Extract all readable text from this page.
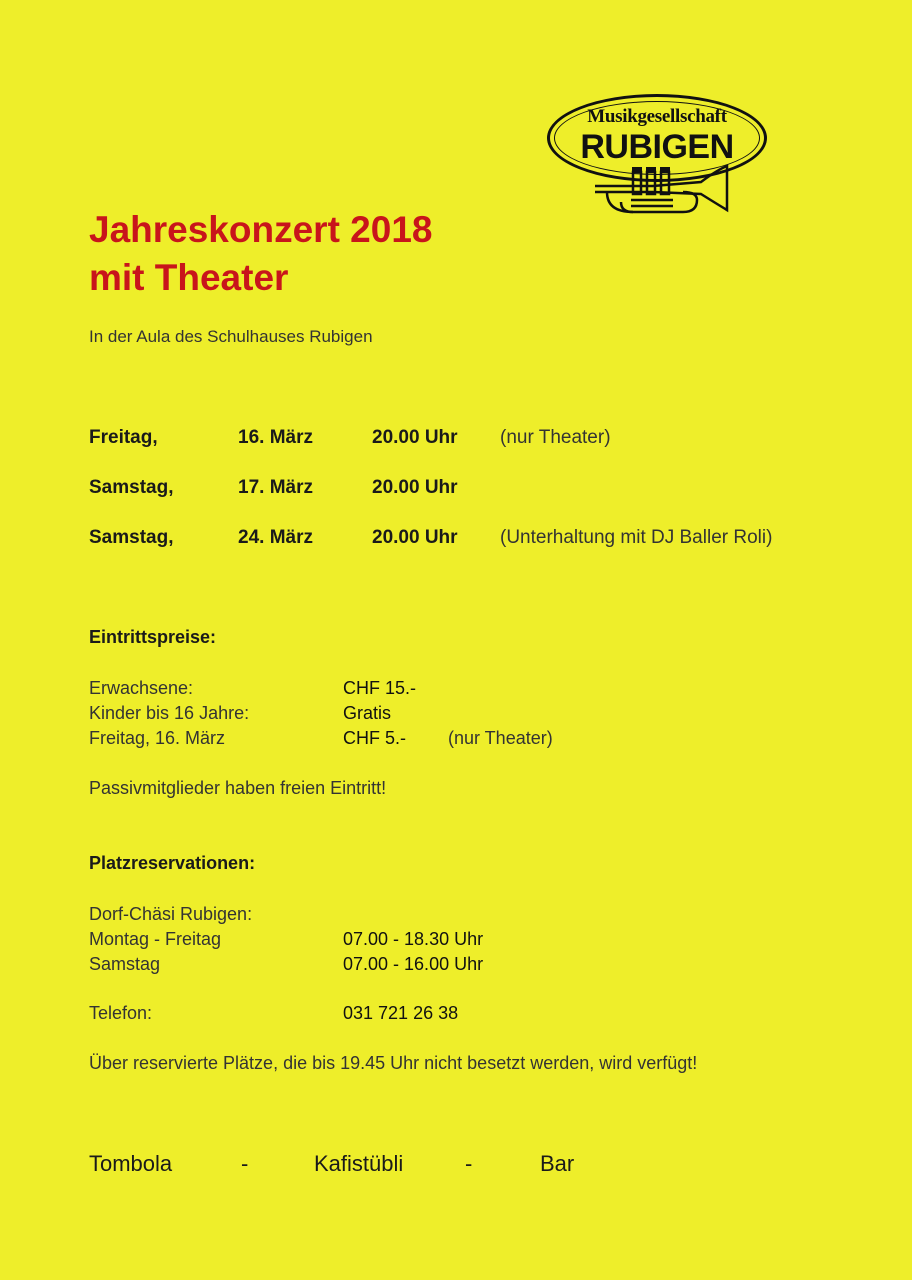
Musikgesellschaft
RUBIGEN
Jahreskonzert 2018
mit Theater
In der Aula des Schulhauses Rubigen
Freitag,	16. März	20.00 Uhr (nur Theater)
Samstag,	17. März	20.00 Uhr
Samstag,	24. März	20.00 Uhr (Unterhaltung mit DJ Baller Roli)
Eintrittspreise:
Erwachsene:	CHF 15.-
Kinder bis 16 Jahre:	Gratis
Freitag, 16. März	CHF 5.- (nur Theater)
Passivmitglieder haben freien Eintritt!
Platzreservationen:
Dorf-Chäsi Rubigen:
Montag - Freitag	07.00 - 18.30 Uhr
Samstag	07.00 - 16.00 Uhr
Telefon:	031 721 26 38
Über reservierte Plätze, die bis 19.45 Uhr nicht besetzt werden, wird verfügt!
Tombola	-	Kafistübli	-	Bar
